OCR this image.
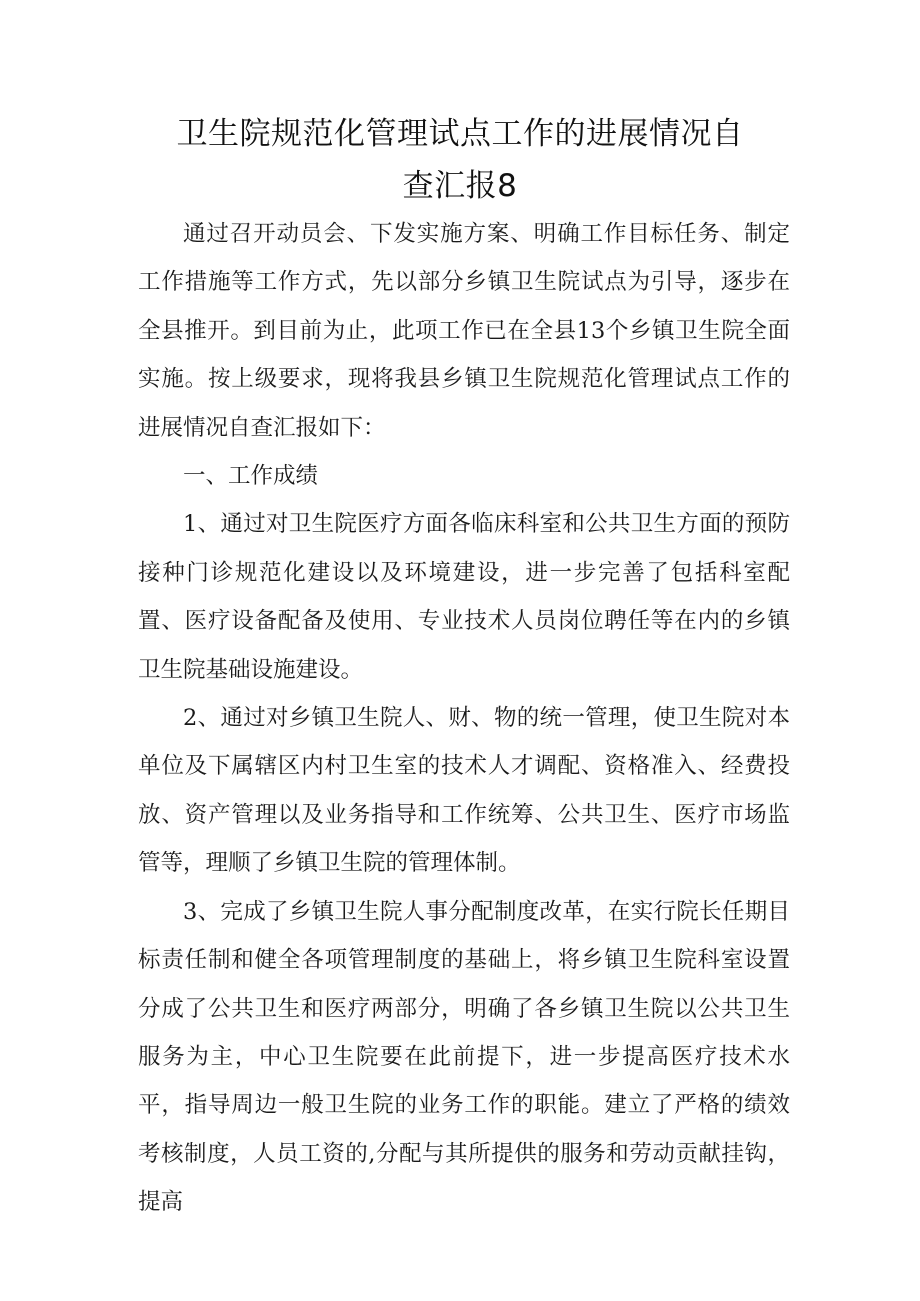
卫生院规范化管理试点工作的进展情况自
查汇报8

通过召开动员会、下发实施方案、明确工作目标任务、制定工作措施等工作方式，先以部分乡镇卫生院试点为引导，逐步在全县推开。到目前为止，此项工作已在全县13个乡镇卫生院全面实施。按上级要求，现将我县乡镇卫生院规范化管理试点工作的进展情况自查汇报如下：

一、工作成绩

1、通过对卫生院医疗方面各临床科室和公共卫生方面的预防接种门诊规范化建设以及环境建设，进一步完善了包括科室配置、医疗设备配备及使用、专业技术人员岗位聘任等在内的乡镇卫生院基础设施建设。

2、通过对乡镇卫生院人、财、物的统一管理，使卫生院对本单位及下属辖区内村卫生室的技术人才调配、资格准入、经费投放、资产管理以及业务指导和工作统筹、公共卫生、医疗市场监管等，理顺了乡镇卫生院的管理体制。

3、完成了乡镇卫生院人事分配制度改革，在实行院长任期目标责任制和健全各项管理制度的基础上，将乡镇卫生院科室设置分成了公共卫生和医疗两部分，明确了各乡镇卫生院以公共卫生服务为主，中心卫生院要在此前提下，进一步提高医疗技术水平，指导周边一般卫生院的业务工作的职能。建立了严格的绩效考核制度，人员工资的,分配与其所提供的服务和劳动贡献挂钩，提高
